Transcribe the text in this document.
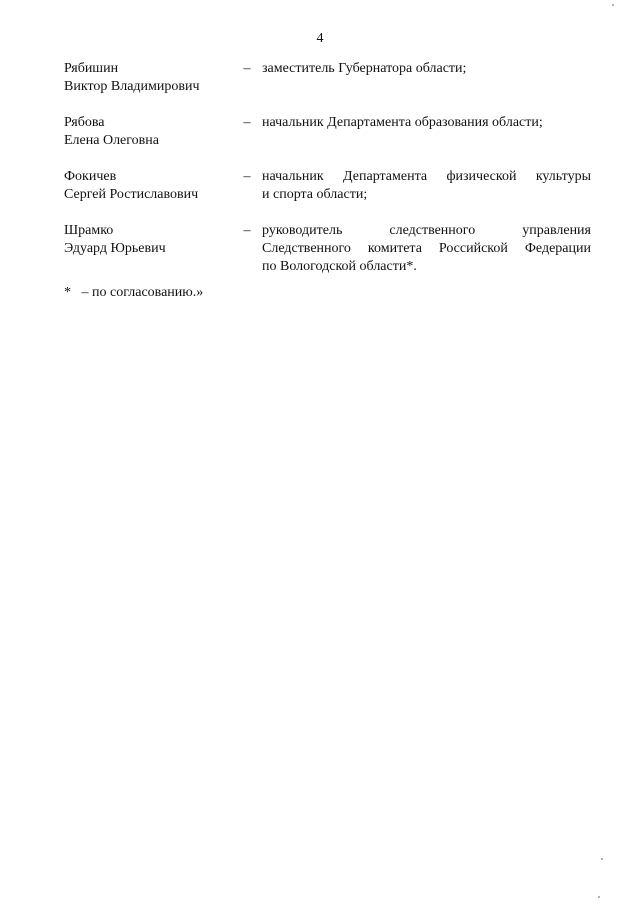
4
Рябишин
Виктор Владимирович
– заместитель Губернатора области;
Рябова
Елена Олеговна
– начальник Департамента образования области;
Фокичев
Сергей Ростиславович
– начальник Департамента физической культуры
и спорта области;
Шрамко
Эдуард Юрьевич
– руководитель следственного управления
Следственного комитета Российской Федерации
по Вологодской области*.
* – по согласованию.»
